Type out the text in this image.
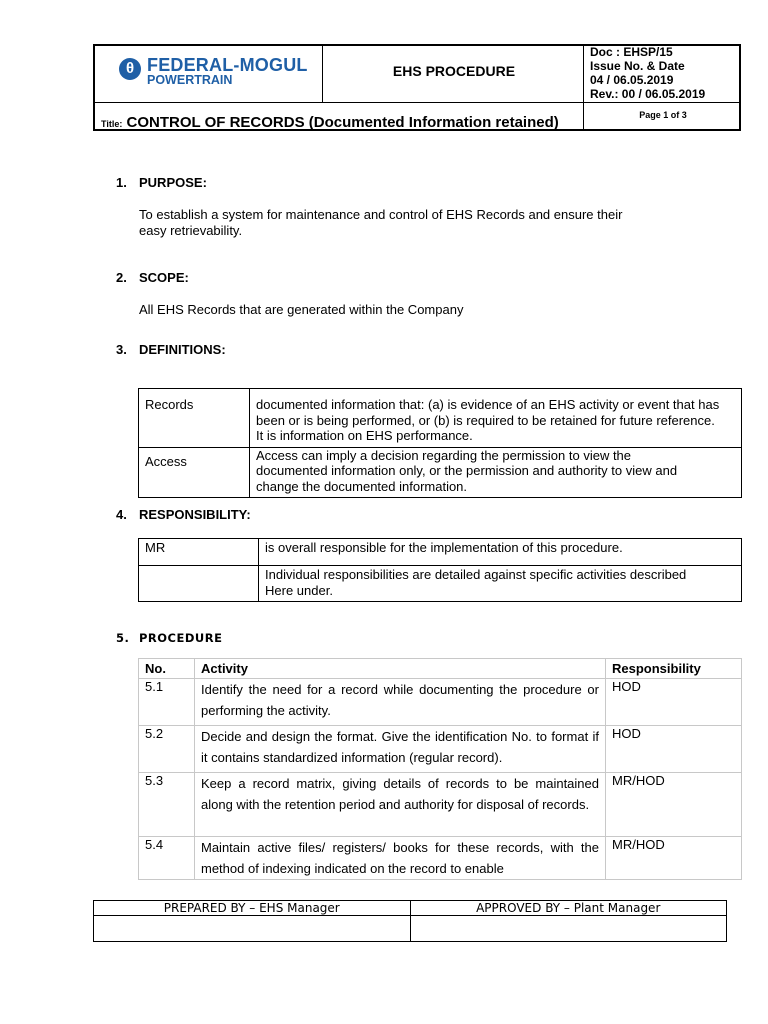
θ FEDERAL-MOGUL
POWERTRAIN
EHS PROCEDURE
Doc : EHSP/15
Issue No. & Date
04 / 06.05.2019
Rev.: 00 / 06.05.2019
Title: CONTROL OF RECORDS (Documented Information retained)	Page 1 of 3
1. PURPOSE:
To establish a system for maintenance and control of EHS Records and ensure their
easy retrievability.
2. SCOPE:
All EHS Records that are generated within the Company
3. DEFINITIONS:
Records	documented information that: (a) is evidence of an EHS activity or event that has
been or is being performed, or (b) is required to be retained for future reference.
It is information on EHS performance.

Access	Access can imply a decision regarding the permission to view the
documented information only, or the permission and authority to view and
change the documented information.
4. RESPONSIBILITY:
MR	is overall responsible for the implementation of this procedure.

	Individual responsibilities are detailed against specific activities described
Here under.
5. PROCEDURE
No.	Activity	Responsibility
5.1	Identify the need for a record while documenting the procedure or performing the activity.	HOD
5.2	Decide and design the format. Give the identification No. to format if it contains standardized information (regular record).	HOD
5.3	Keep a record matrix, giving details of records to be maintained along with the retention period and authority for disposal of records.	MR/HOD
5.4	Maintain active files/ registers/ books for these records, with the method of indexing indicated on the record to enable	MR/HOD
PREPARED BY – EHS Manager	APPROVED BY – Plant Manager
